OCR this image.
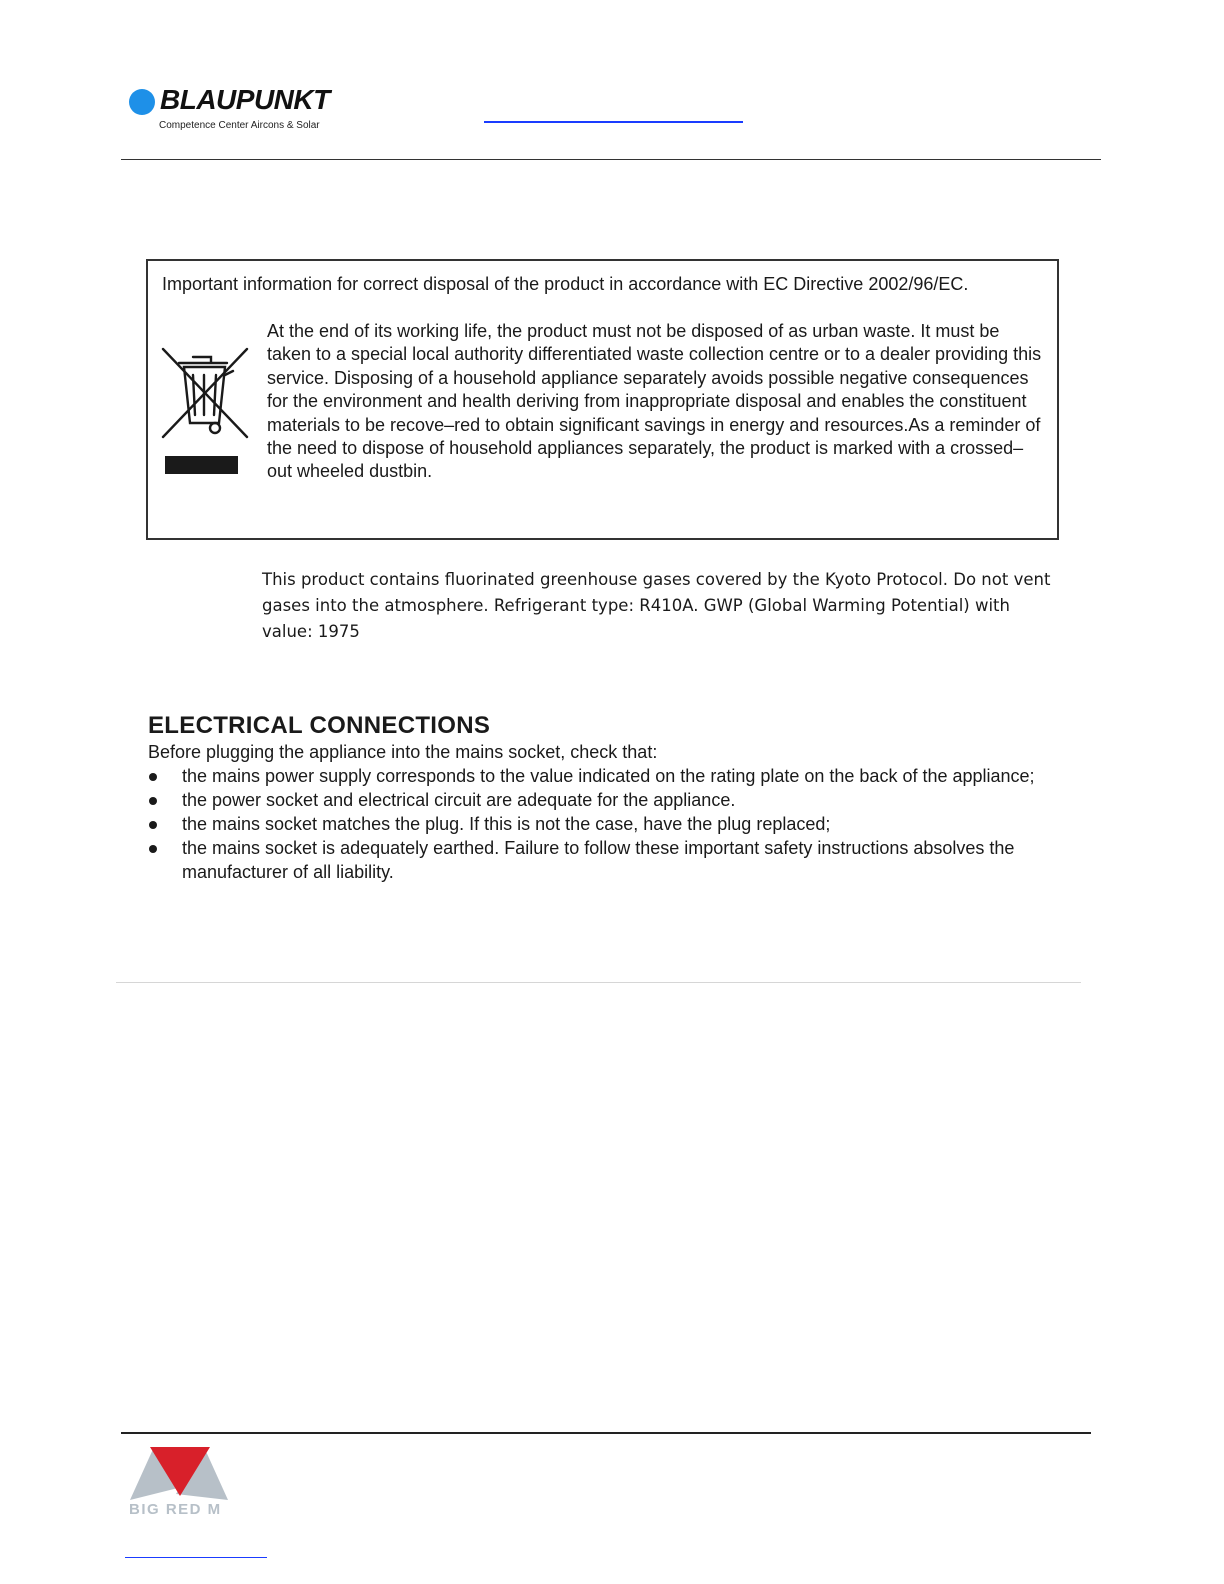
BLAUPUNKT
Competence Center Aircons & Solar
Important information for correct disposal of the product in accordance with EC Directive 2002/96/EC.
At the end of its working life, the product must not be disposed of as urban waste. It must be taken to a special local authority differentiated waste collection centre or to a dealer providing this service. Disposing of a household appliance separately avoids possible negative consequences for the environment and health deriving from inappropriate disposal and enables the constituent materials to be recove–red to obtain significant savings in energy and resources.As a reminder of the need to dispose of household appliances separately, the product is marked with a crossed–out wheeled dustbin.
This product contains fluorinated greenhouse gases covered by the Kyoto Protocol. Do not vent gases into the atmosphere. Refrigerant type: R410A. GWP (Global Warming Potential) with value: 1975
ELECTRICAL CONNECTIONS

Before plugging the appliance into the mains socket, check that:

the mains power supply corresponds to the value indicated on the rating plate on the back of the appliance;
the power socket and electrical circuit are adequate for the appliance.
the mains socket matches the plug. If this is not the case, have the plug replaced;
the mains socket is adequately earthed. Failure to follow these important safety instructions absolves the manufacturer of all liability.
BIG RED M
